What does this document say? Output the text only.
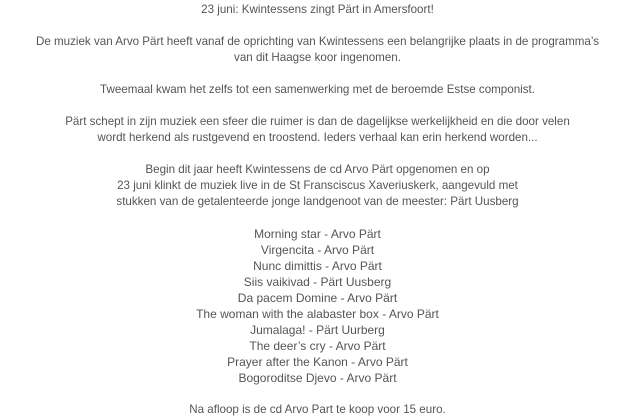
23 juni: Kwintessens zingt Pärt in Amersfoort!

De muziek van Arvo Pärt heeft vanaf de oprichting van Kwintessens een belangrijke plaats in de programma’s
van dit Haagse koor ingenomen.

Tweemaal kwam het zelfs tot een samenwerking met de beroemde Estse componist.

Pärt schept in zijn muziek een sfeer die ruimer is dan de dagelijkse werkelijkheid en die door velen
wordt herkend als rustgevend en troostend. Ieders verhaal kan erin herkend worden...

Begin dit jaar heeft Kwintessens de cd Arvo Pärt opgenomen en op
23 juni klinkt de muziek live in de St Fransciscus Xaveriuskerk, aangevuld met
stukken van de getalenteerde jonge landgenoot van de meester: Pärt Uusberg

Morning star - Arvo Pärt
Virgencita - Arvo Pärt
Nunc dimittis - Arvo Pärt
Siis vaikivad - Pärt Uusberg
Da pacem Domine - Arvo Pärt
The woman with the alabaster box - Arvo Pärt
Jumalaga! - Pärt Uurberg
The deer’s cry - Arvo Pärt
Prayer after the Kanon - Arvo Pärt
Bogoroditse Djevo - Arvo Pärt

Na afloop is de cd Arvo Part te koop voor 15 euro.
